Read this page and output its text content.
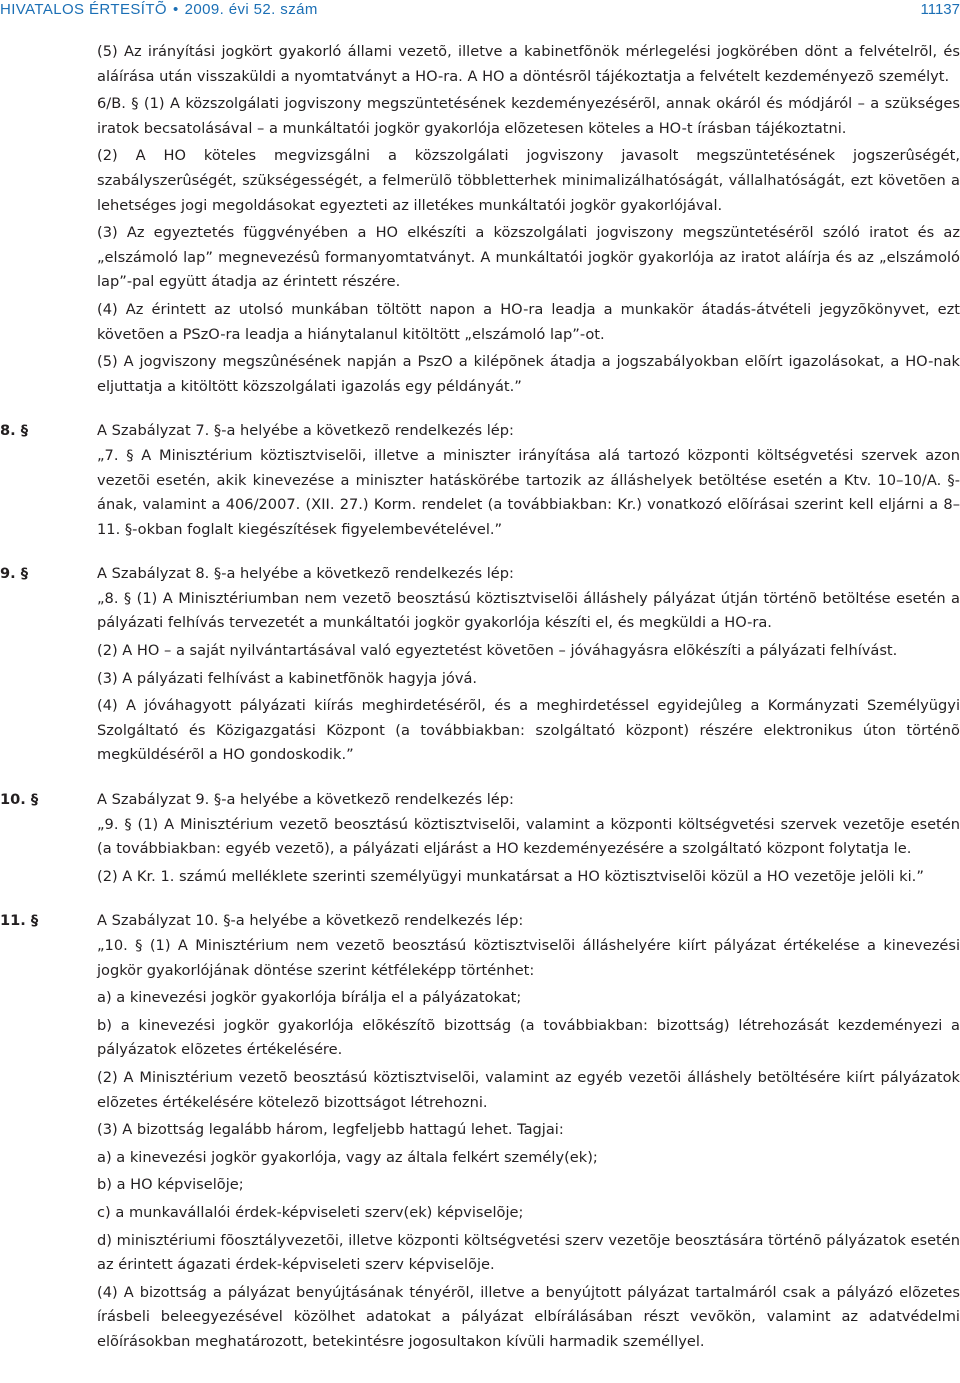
HIVATALOS ÉRTESÍTÕ • 2009. évi 52. szám	11137

(5) Az irányítási jogkört gyakorló állami vezetõ, illetve a kabinetfõnök mérlegelési jogkörében dönt a felvételrõl, és aláírása után visszaküldi a nyomtatványt a HO-ra. A HO a döntésrõl tájékoztatja a felvételt kezdeményezõ személyt.

6/B. § (1) A közszolgálati jogviszony megszüntetésének kezdeményezésérõl, annak okáról és módjáról – a szükséges iratok becsatolásával – a munkáltatói jogkör gyakorlója elõzetesen köteles a HO-t írásban tájékoztatni.

(2) A HO köteles megvizsgálni a közszolgálati jogviszony javasolt megszüntetésének jogszerûségét, szabályszerûségét, szükségességét, a felmerülõ többletterhek minimalizálhatóságát, vállalhatóságát, ezt követõen a lehetséges jogi megoldásokat egyezteti az illetékes munkáltatói jogkör gyakorlójával.

(3) Az egyeztetés függvényében a HO elkészíti a közszolgálati jogviszony megszüntetésérõl szóló iratot és az „elszámoló lap” megnevezésû formanyomtatványt. A munkáltatói jogkör gyakorlója az iratot aláírja és az „elszámoló lap”-pal együtt átadja az érintett részére.

(4) Az érintett az utolsó munkában töltött napon a HO-ra leadja a munkakör átadás-átvételi jegyzõkönyvet, ezt követõen a PSzO-ra leadja a hiánytalanul kitöltött „elszámoló lap”-ot.

(5) A jogviszony megszûnésének napján a PszO a kilépõnek átadja a jogszabályokban elõírt igazolásokat, a HO-nak eljuttatja a kitöltött közszolgálati igazolás egy példányát.”

8. §	A Szabályzat 7. §-a helyébe a következõ rendelkezés lép:

„7. § A Minisztérium köztisztviselõi, illetve a miniszter irányítása alá tartozó központi költségvetési szervek azon vezetõi esetén, akik kinevezése a miniszter hatáskörébe tartozik az álláshelyek betöltése esetén a Ktv. 10–10/A. §-ának, valamint a 406/2007. (XII. 27.) Korm. rendelet (a továbbiakban: Kr.) vonatkozó elõírásai szerint kell eljárni a 8–11. §-okban foglalt kiegészítések figyelembevételével.”

9. §	A Szabályzat 8. §-a helyébe a következõ rendelkezés lép:

„8. § (1) A Minisztériumban nem vezetõ beosztású köztisztviselõi álláshely pályázat útján történõ betöltése esetén a pályázati felhívás tervezetét a munkáltatói jogkör gyakorlója készíti el, és megküldi a HO-ra.

(2) A HO – a saját nyilvántartásával való egyeztetést követõen – jóváhagyásra elõkészíti a pályázati felhívást.

(3) A pályázati felhívást a kabinetfõnök hagyja jóvá.

(4) A jóváhagyott pályázati kiírás meghirdetésérõl, és a meghirdetéssel egyidejûleg a Kormányzati Személyügyi Szolgáltató és Közigazgatási Központ (a továbbiakban: szolgáltató központ) részére elektronikus úton történõ megküldésérõl a HO gondoskodik.”

10. §	A Szabályzat 9. §-a helyébe a következõ rendelkezés lép:

„9. § (1) A Minisztérium vezetõ beosztású köztisztviselõi, valamint a központi költségvetési szervek vezetõje esetén (a továbbiakban: egyéb vezetõ), a pályázati eljárást a HO kezdeményezésére a szolgáltató központ folytatja le.

(2) A Kr. 1. számú melléklete szerinti személyügyi munkatársat a HO köztisztviselõi közül a HO vezetõje jelöli ki.”

11. §	A Szabályzat 10. §-a helyébe a következõ rendelkezés lép:

„10. § (1) A Minisztérium nem vezetõ beosztású köztisztviselõi álláshelyére kiírt pályázat értékelése a kinevezési jogkör gyakorlójának döntése szerint kétféleképp történhet:

a) a kinevezési jogkör gyakorlója bírálja el a pályázatokat;

b) a kinevezési jogkör gyakorlója elõkészítõ bizottság (a továbbiakban: bizottság) létrehozását kezdeményezi a pályázatok elõzetes értékelésére.

(2) A Minisztérium vezetõ beosztású köztisztviselõi, valamint az egyéb vezetõi álláshely betöltésére kiírt pályázatok elõzetes értékelésére kötelezõ bizottságot létrehozni.

(3) A bizottság legalább három, legfeljebb hattagú lehet. Tagjai:

a) a kinevezési jogkör gyakorlója, vagy az általa felkért személy(ek);

b) a HO képviselõje;

c) a munkavállalói érdek-képviseleti szerv(ek) képviselõje;

d) minisztériumi fõosztályvezetõi, illetve központi költségvetési szerv vezetõje beosztására történõ pályázatok esetén az érintett ágazati érdek-képviseleti szerv képviselõje.

(4) A bizottság a pályázat benyújtásának tényérõl, illetve a benyújtott pályázat tartalmáról csak a pályázó elõzetes írásbeli beleegyezésével közölhet adatokat a pályázat elbírálásában részt vevõkön, valamint az adatvédelmi elõírásokban meghatározott, betekintésre jogosultakon kívüli harmadik személlyel.
